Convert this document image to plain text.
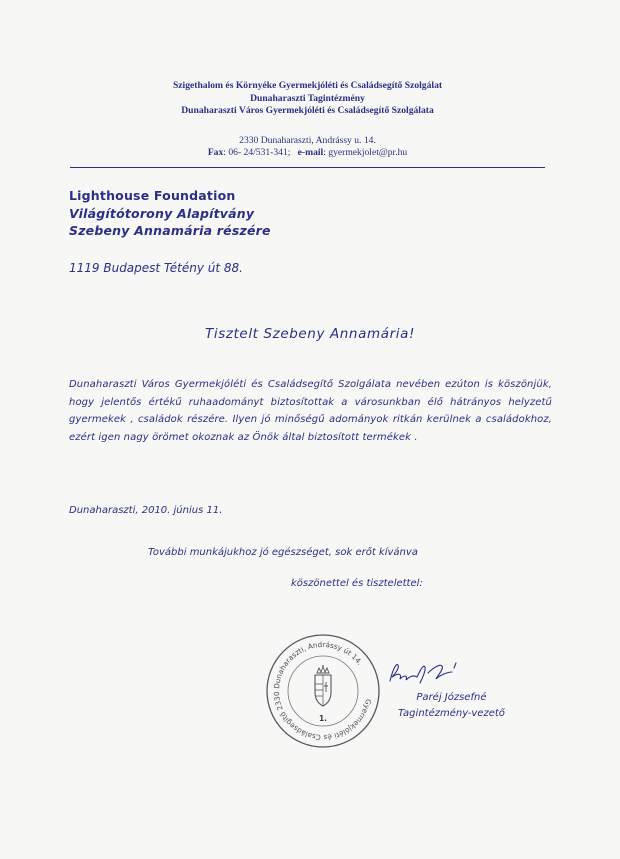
Szigethalom és Környéke Gyermekjóléti és Családsegítő Szolgálat
Dunaharaszti Tagintézmény
Dunaharaszti Város Gyermekjóléti és Családsegítő Szolgálata
2330 Dunaharaszti, Andrássy u. 14.
Fax: 06- 24/531-341; e-mail: gyermekjolet@pr.hu
Lighthouse Foundation
Világítótorony Alapítvány
Szebeny Annamária részére
1119 Budapest Tétény út 88.
Tisztelt Szebeny Annamária!
Dunaharaszti Város Gyermekjóléti és Családsegítő Szolgálata nevében ezúton is köszönjük, hogy jelentős értékű ruhaadományt biztosítottak a városunkban élő hátrányos helyzetű gyermekek , családok részére. Ilyen jó minőségű adományok ritkán kerülnek a családokhoz, ezért igen nagy örömet okoznak az Önök által biztosított termékek .
Dunaharaszti, 2010. június 11.
További munkájukhoz jó egészséget, sok erőt kívánva
köszönettel és tisztelettel:
Gyermekjóléti és Családsegítő 2330 Dunaharaszti, Andrássy út 14.
1.
Paréj Józsefné
Tagintézmény-vezető
